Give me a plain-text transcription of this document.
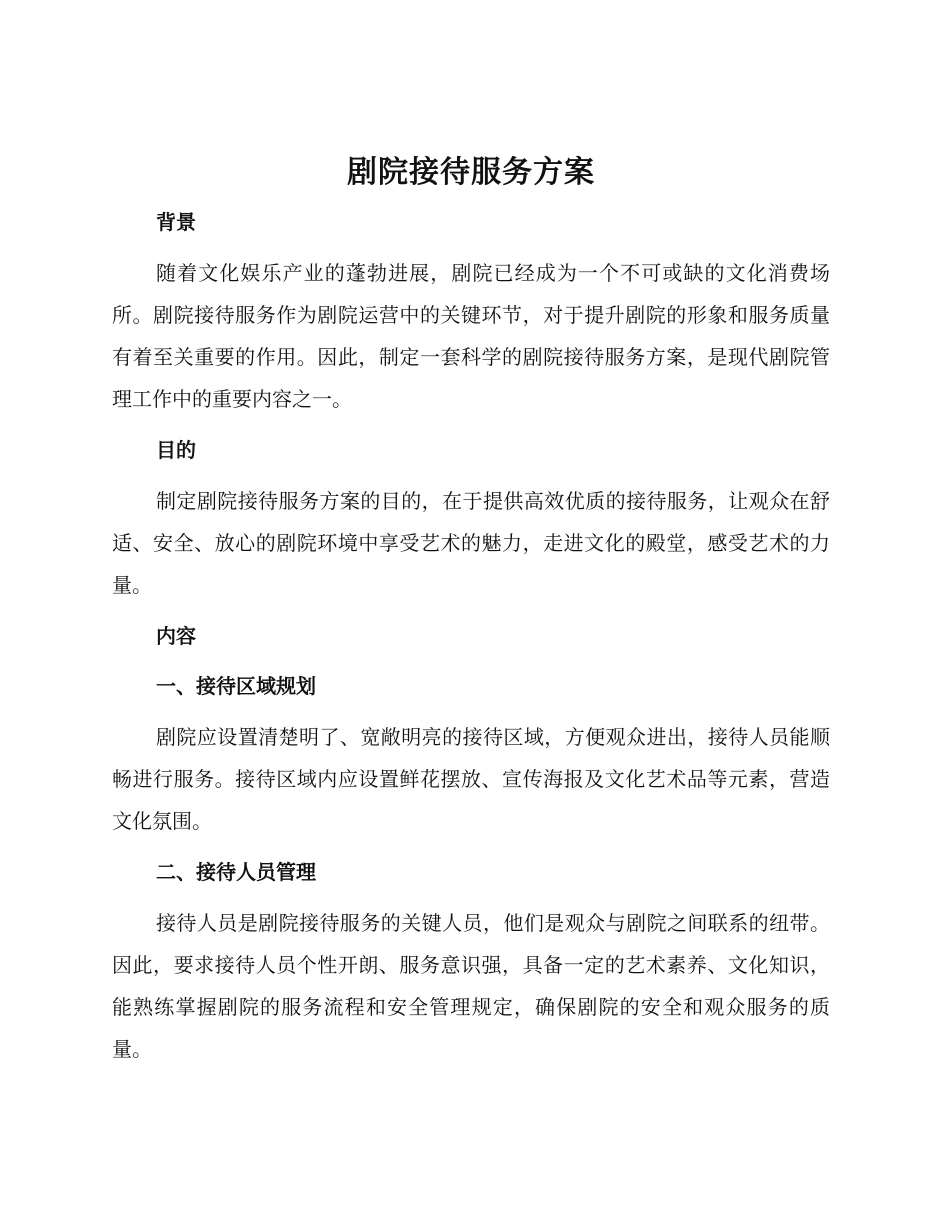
剧院接待服务方案
背景

随着文化娱乐产业的蓬勃进展，剧院已经成为一个不可或缺的文化消费场所。剧院接待服务作为剧院运营中的关键环节，对于提升剧院的形象和服务质量有着至关重要的作用。因此，制定一套科学的剧院接待服务方案，是现代剧院管理工作中的重要内容之一。

目的

制定剧院接待服务方案的目的，在于提供高效优质的接待服务，让观众在舒适、安全、放心的剧院环境中享受艺术的魅力，走进文化的殿堂，感受艺术的力量。

内容
一、接待区域规划

剧院应设置清楚明了、宽敞明亮的接待区域，方便观众进出，接待人员能顺畅进行服务。接待区域内应设置鲜花摆放、宣传海报及文化艺术品等元素，营造文化氛围。

二、接待人员管理

接待人员是剧院接待服务的关键人员，他们是观众与剧院之间联系的纽带。因此，要求接待人员个性开朗、服务意识强，具备一定的艺术素养、文化知识，能熟练掌握剧院的服务流程和安全管理规定，确保剧院的安全和观众服务的质量。
